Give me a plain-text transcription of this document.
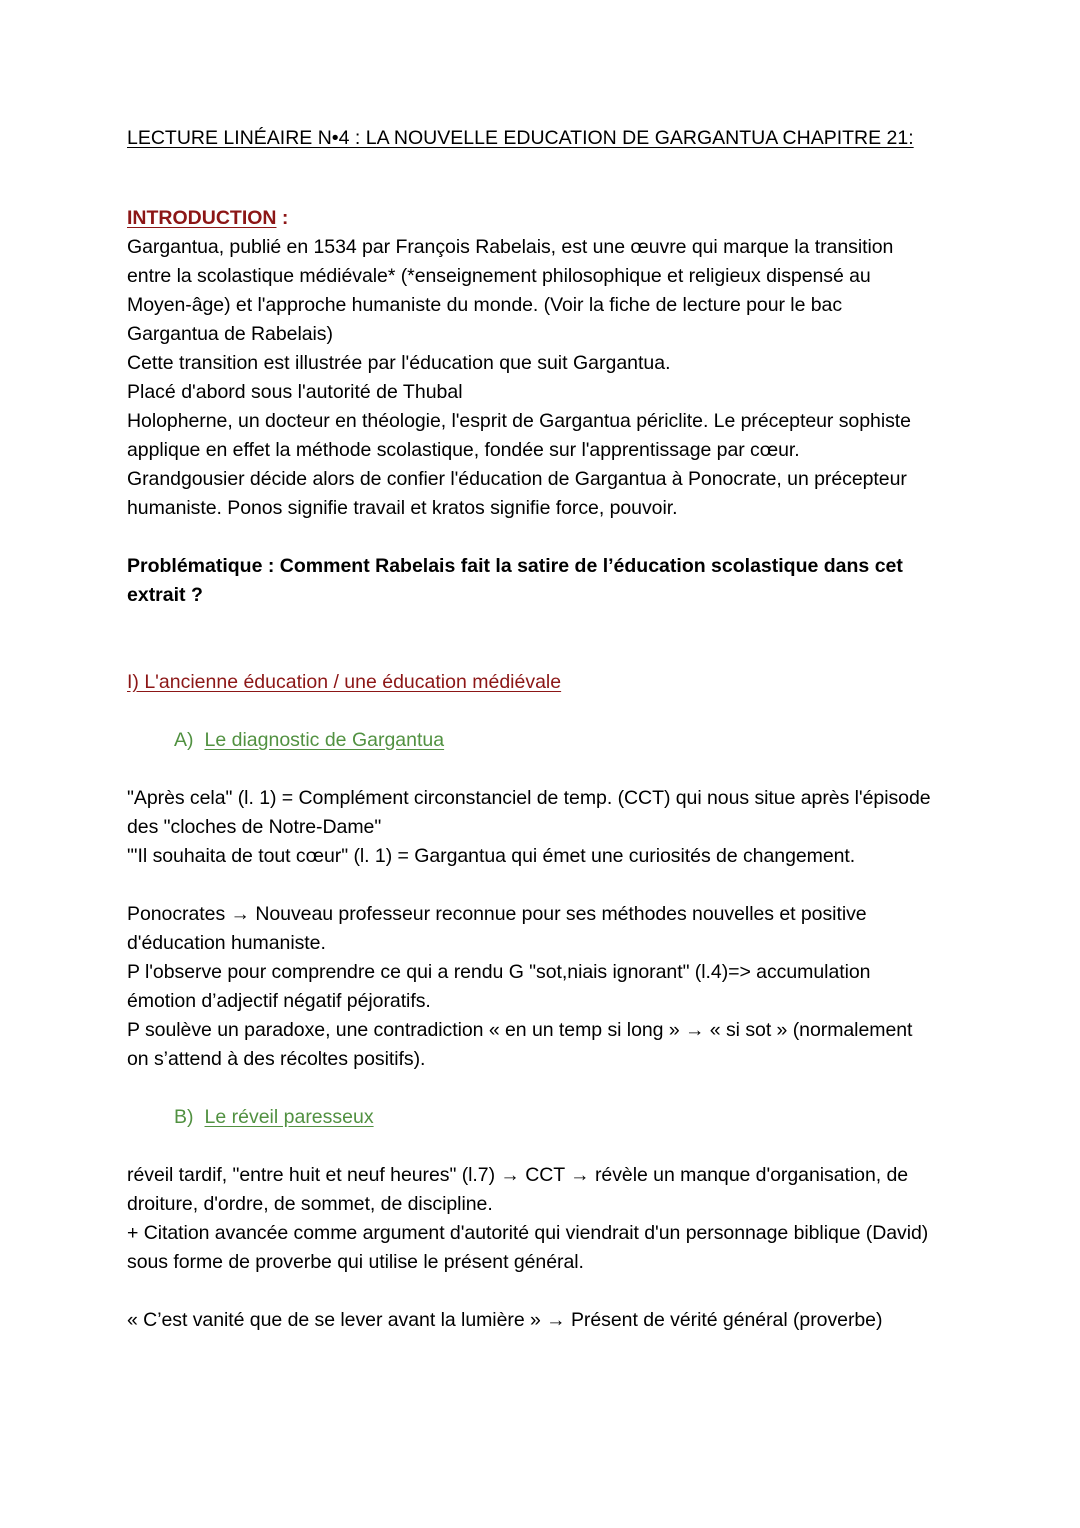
LECTURE LINÉAIRE N•4 : LA NOUVELLE EDUCATION DE GARGANTUA CHAPITRE 21:

INTRODUCTION :

Gargantua, publié en 1534 par François Rabelais, est une œuvre qui marque la transition entre la scolastique médiévale* (*enseignement philosophique et religieux dispensé au Moyen-âge) et l'approche humaniste du monde. (Voir la fiche de lecture pour le bac Gargantua de Rabelais)

Cette transition est illustrée par l'éducation que suit Gargantua.

Placé d'abord sous l'autorité de Thubal

Holopherne, un docteur en théologie, l'esprit de Gargantua périclite. Le précepteur sophiste applique en effet la méthode scolastique, fondée sur l'apprentissage par cœur.

Grandgousier décide alors de confier l'éducation de Gargantua à Ponocrate, un précepteur humaniste. Ponos signifie travail et kratos signifie force, pouvoir.

Problématique : Comment Rabelais fait la satire de l’éducation scolastique dans cet extrait ?

I) L'ancienne éducation / une éducation médiévale

A) Le diagnostic de Gargantua

"Après cela" (l. 1) = Complément circonstanciel de temp. (CCT) qui nous situe après l'épisode des "cloches de Notre-Dame"

"'Il souhaita de tout cœur" (l. 1) = Gargantua qui émet une curiosités de changement.

Ponocrates → Nouveau professeur reconnue pour ses méthodes nouvelles et positive d'éducation humaniste.

P l'observe pour comprendre ce qui a rendu G "sot,niais ignorant" (l.4)=> accumulation émotion d’adjectif négatif péjoratifs.

P soulève un paradoxe, une contradiction « en un temp si long » → « si sot » (normalement on s’attend à des récoltes positifs).

B) Le réveil paresseux

réveil tardif, "entre huit et neuf heures" (l.7) → CCT → révèle un manque d'organisation, de droiture, d'ordre, de sommet, de discipline.

+ Citation avancée comme argument d'autorité qui viendrait d'un personnage biblique (David) sous forme de proverbe qui utilise le présent général.

« C’est vanité que de se lever avant la lumière » → Présent de vérité général (proverbe)
